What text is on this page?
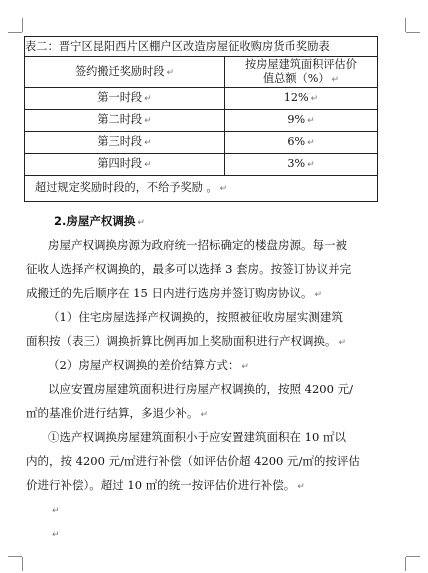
表二：晋宁区昆阳西片区棚户区改造房屋征收购房货币奖励表	
签约搬迁奖励时段 ↵	按房屋建筑面积评估价
值总额（%） ↵

第一时段 ↵	12% ↵
第二时段 ↵	9% ↵
第三时段 ↵	6% ↵
第四时段 ↵	3% ↵
超过规定奖励时段的，不给予奖励 。 ↵	
2.房屋产权调换 ↵
房屋产权调换房源为政府统一招标确定的楼盘房源。每一被
征收人选择产权调换的，最多可以选择 3 套房。按签订协议并完
成搬迁的先后顺序在 15 日内进行选房并签订购房协议。 ↵
（1）住宅房屋选择产权调换的，按照被征收房屋实测建筑
面积按（表三）调换折算比例再加上奖励面积进行产权调换。 ↵
（2）房屋产权调换的差价结算方式： ↵
以应安置房屋建筑面积进行房屋产权调换的，按照 4200 元/
㎡的基准价进行结算，多退少补。 ↵
①选产权调换房屋建筑面积小于应安置建筑面积在 10 ㎡以
内的，按 4200 元/㎡进行补偿（如评估价超 4200 元/㎡的按评估
价进行补偿）。超过 10 ㎡的统一按评估价进行补偿。 ↵
↵
↵
